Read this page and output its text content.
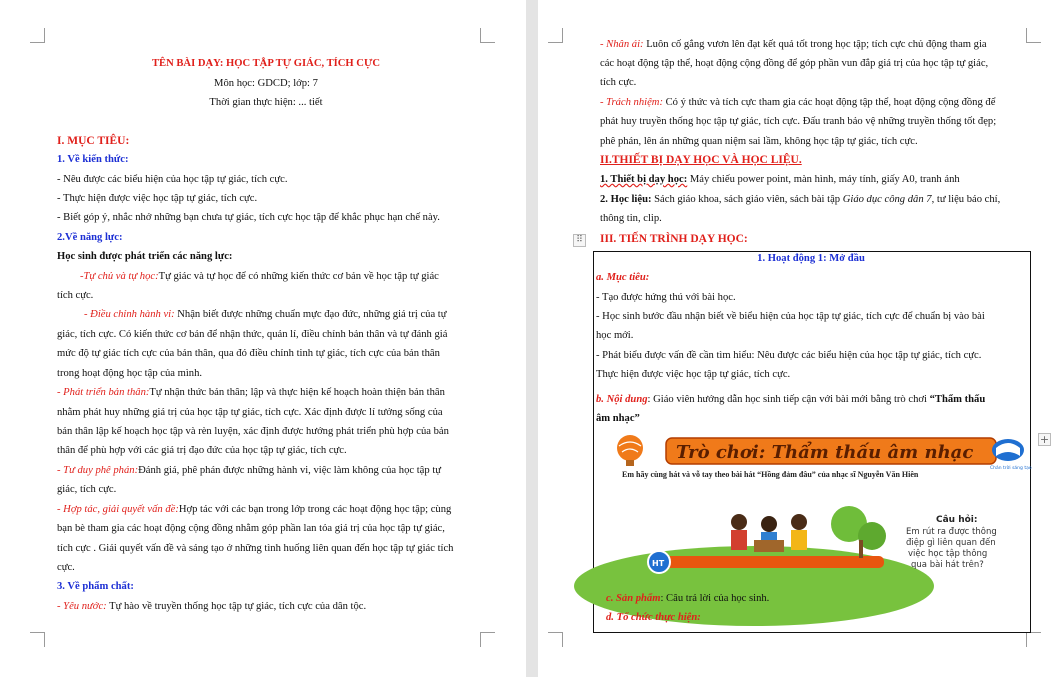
TÊN BÀI DẠY: HỌC TẬP TỰ GIÁC, TÍCH CỰC
Môn học: GDCD; lớp: 7
Thời gian thực hiện: ... tiết
I. MỤC TIÊU:
1. Về kiến thức:
- Nêu được các biểu hiện của học tập tự giác, tích cực.
- Thực hiện được việc học tập tự giác, tích cực.
- Biết góp ý, nhắc nhở những bạn chưa tự giác, tích cực học tập để khắc phục hạn chế này.
2.Về năng lực:
Học sinh được phát triển các năng lực:
-Tự chủ và tự học:Tự giác và tự học để có những kiến thức cơ bản về học tập tự giác
tích cực.
- Điều chỉnh hành vi: Nhận biết được những chuẩn mực đạo đức, những giá trị của tự
giác, tích cực. Có kiến thức cơ bản để nhận thức, quản lí, điều chỉnh bản thân và tự đánh giá
mức độ tự giác tích cực của bản thân, qua đó điều chỉnh tinh tự giác, tích cực của bản thân
trong hoạt động học tập của mình.
- Phát triển bản thân:Tự nhận thức bản thân; lập và thực hiện kế hoạch hoàn thiện bản thân
nhằm phát huy những giá trị của học tập tự giác, tích cực. Xác định được lí tưởng sống của
bản thân lập kế hoạch học tập và rèn luyện, xác định được hướng phát triển phù hợp của bản
thân để phù hợp với các giá trị đạo đức của học tập tự giác, tích cực.
- Tư duy phê phán:Đánh giá, phê phán được những hành vi, việc làm không của học tập tự
giác, tích cực.
- Hợp tác, giải quyết vấn đề:Hợp tác với các bạn trong lớp trong các hoạt động học tập; cùng
bạn bè tham gia các hoạt động cộng đồng nhằm góp phần lan tỏa giá trị của học tập tự giác,
tích cực . Giải quyết vấn đề và sáng tạo ở những tình huống liên quan đến học tập tự giác tích
cực.
3. Về phẩm chất:
- Yêu nước: Tự hào về truyền thống học tập tự giác, tích cực của dân tộc.
- Nhân ái: Luôn cố gắng vươn lên đạt kết quả tốt trong học tập; tích cực chủ động tham gia
các hoạt động tập thể, hoạt động cộng đồng để góp phần vun đắp giá trị của học tập tự giác,
tích cực.
- Trách nhiệm: Có ý thức và tích cực tham gia các hoạt động tập thể, hoạt động cộng đồng để
phát huy truyền thống học tập tự giác, tích cực. Đấu tranh bảo vệ những truyền thống tốt đẹp;
phê phán, lên án những quan niệm sai lầm, không học tập tự giác, tích cực.
II.THIẾT BỊ DẠY HỌC VÀ HỌC LIỆU.
1. Thiết bị dạy học: Máy chiếu power point, màn hình, máy tính, giấy A0, tranh ảnh
2. Học liệu: Sách giáo khoa, sách giáo viên, sách bài tập Giáo dục công dân 7, tư liệu báo chí,
thông tin, clip.
⠿ III. TIẾN TRÌNH DẠY HỌC:
+
1. Hoạt động 1: Mở đầu
a. Mục tiêu:
- Tạo được hứng thú với bài học.
- Học sinh bước đầu nhận biết về biểu hiện của học tập tự giác, tích cực để chuẩn bị vào bài
học mới.
- Phát biểu được vấn đề cần tìm hiểu: Nêu được các biểu hiện của học tập tự giác, tích cực.
Thực hiện được việc học tập tự giác, tích cực.
b. Nội dung: Giáo viên hướng dẫn học sinh tiếp cận với bài mới bằng trò chơi “Thẩm thấu
âm nhạc”
Trò chơi: Thẩm thấu âm nhạc
Chân trời sáng tạo
Em hãy cùng hát và vỗ tay theo bài hát “Hồng đảm đâu” của nhạc sĩ Nguyễn Văn Hiên
HT
Câu hỏi:
Em rút ra được thông
điệp gì liên quan đến
việc học tập thông
qua bài hát trên?
c. Sản phẩm: Câu trả lời của học sinh.
d. Tổ chức thực hiện:
